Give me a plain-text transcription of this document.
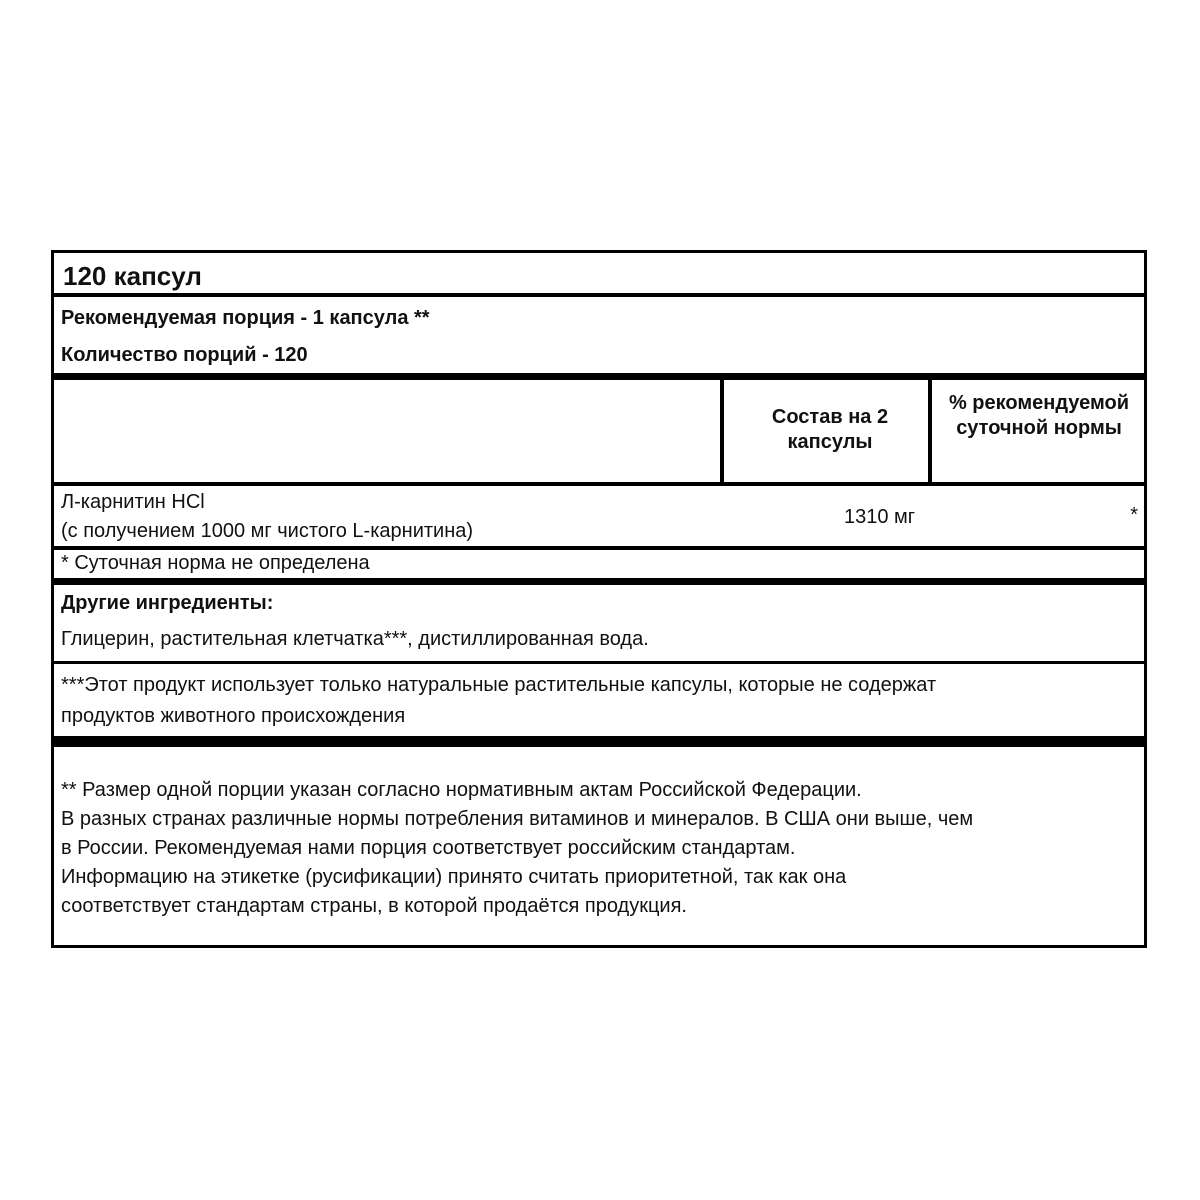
120 капсул
Рекомендуемая порция - 1 капсула **
Количество порций - 120
Состав на 2 капсулы
% рекомендуемой суточной нормы
Л-карнитин HCl
(с получением 1000 мг чистого L-карнитина)
1310 мг	*
* Суточная норма не определена
Другие ингредиенты:
Глицерин, растительная клетчатка***, дистиллированная вода.
***Этот продукт использует только натуральные растительные капсулы, которые не содержат
продуктов животного происхождения
** Размер одной порции указан согласно нормативным актам Российской Федерации.
В разных странах различные нормы потребления витаминов и минералов. В США они выше, чем
в России. Рекомендуемая нами порция соответствует российским стандартам.
Информацию на этикетке (русификации) принято считать приоритетной, так как она
соответствует стандартам страны, в которой продаётся продукция.
